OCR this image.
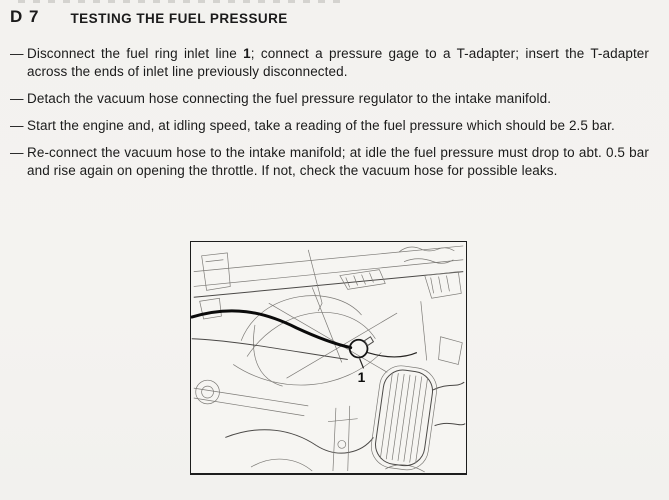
D 7 TESTING THE FUEL PRESSURE
— Disconnect the fuel ring inlet line 1; connect a pressure gage to a T-adapter; insert the T-adapter across the ends of inlet line previously disconnected.
— Detach the vacuum hose connecting the fuel pressure regulator to the intake manifold.
— Start the engine and, at idling speed, take a reading of the fuel pressure which should be 2.5 bar.
— Re-connect the vacuum hose to the intake manifold; at idle the fuel pressure must drop to abt. 0.5 bar and rise again on opening the throttle. If not, check the vacuum hose for possible leaks.
1
